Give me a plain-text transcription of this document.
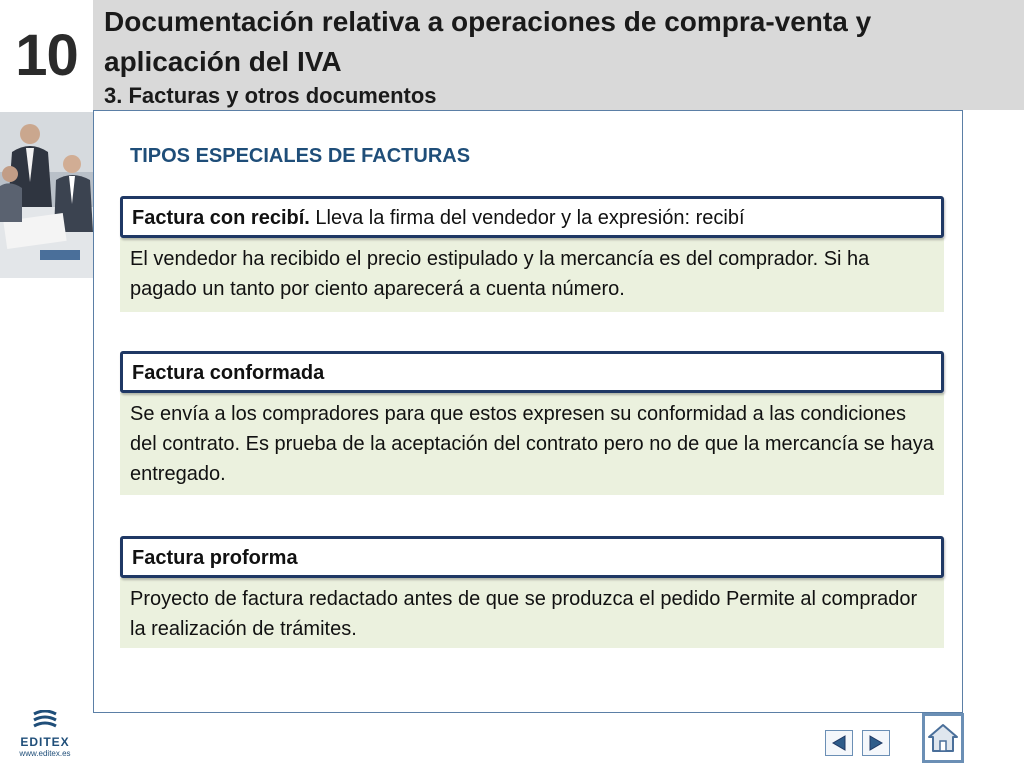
10
Documentación relativa a operaciones de compra-venta y aplicación del IVA
3. Facturas y otros documentos
TIPOS ESPECIALES DE FACTURAS
Factura con recibí. Lleva la firma del vendedor y la expresión: recibí
El vendedor ha recibido el precio estipulado y la mercancía es del comprador. Si ha pagado un tanto por ciento aparecerá a cuenta número.
Factura conformada
Se envía a los compradores para que estos expresen su conformidad a las condiciones del contrato. Es prueba de la aceptación del contrato pero no de que la mercancía se haya entregado.
Factura proforma
Proyecto de factura redactado antes de que se produzca el pedido Permite al comprador la realización de trámites.
EDITEX
www.editex.es
